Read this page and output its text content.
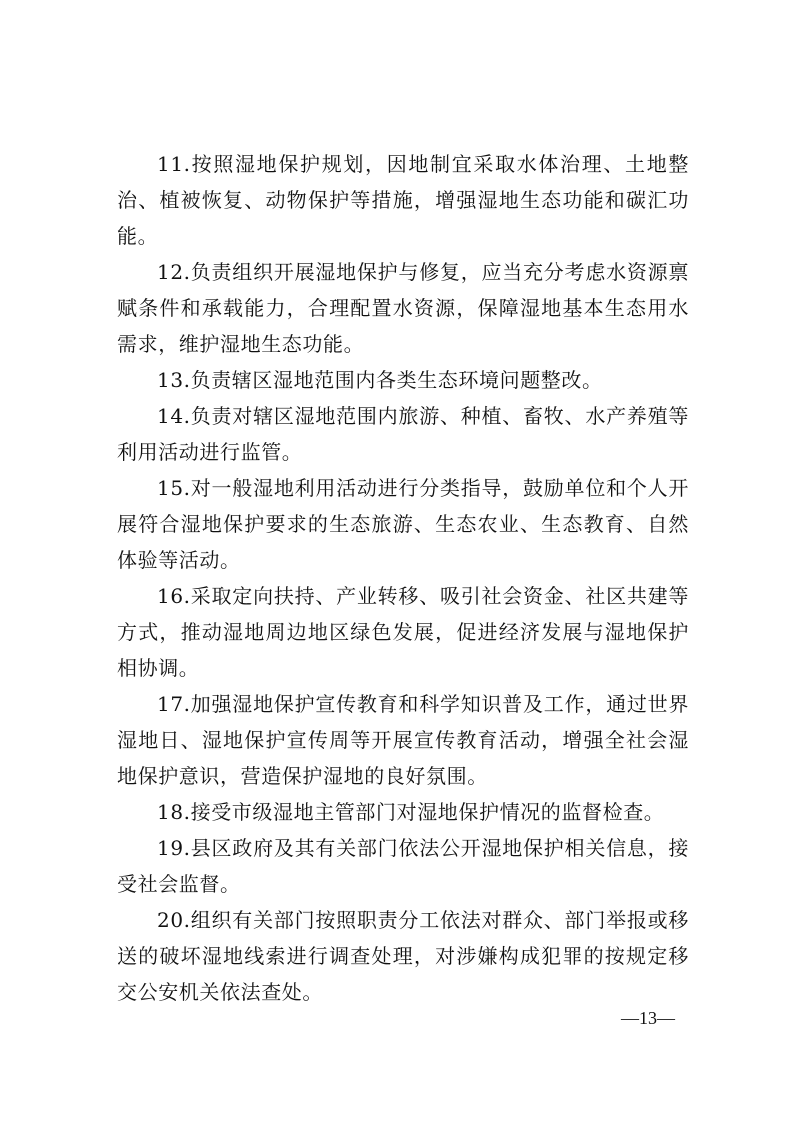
11.按照湿地保护规划，因地制宜采取水体治理、土地整治、植被恢复、动物保护等措施，增强湿地生态功能和碳汇功能。

12.负责组织开展湿地保护与修复，应当充分考虑水资源禀赋条件和承载能力，合理配置水资源，保障湿地基本生态用水需求，维护湿地生态功能。

13.负责辖区湿地范围内各类生态环境问题整改。

14.负责对辖区湿地范围内旅游、种植、畜牧、水产养殖等利用活动进行监管。

15.对一般湿地利用活动进行分类指导，鼓励单位和个人开展符合湿地保护要求的生态旅游、生态农业、生态教育、自然体验等活动。

16.采取定向扶持、产业转移、吸引社会资金、社区共建等方式，推动湿地周边地区绿色发展，促进经济发展与湿地保护相协调。

17.加强湿地保护宣传教育和科学知识普及工作，通过世界湿地日、湿地保护宣传周等开展宣传教育活动，增强全社会湿地保护意识，营造保护湿地的良好氛围。

18.接受市级湿地主管部门对湿地保护情况的监督检查。

19.县区政府及其有关部门依法公开湿地保护相关信息，接受社会监督。

20.组织有关部门按照职责分工依法对群众、部门举报或移送的破坏湿地线索进行调查处理，对涉嫌构成犯罪的按规定移交公安机关依法查处。

—13—
